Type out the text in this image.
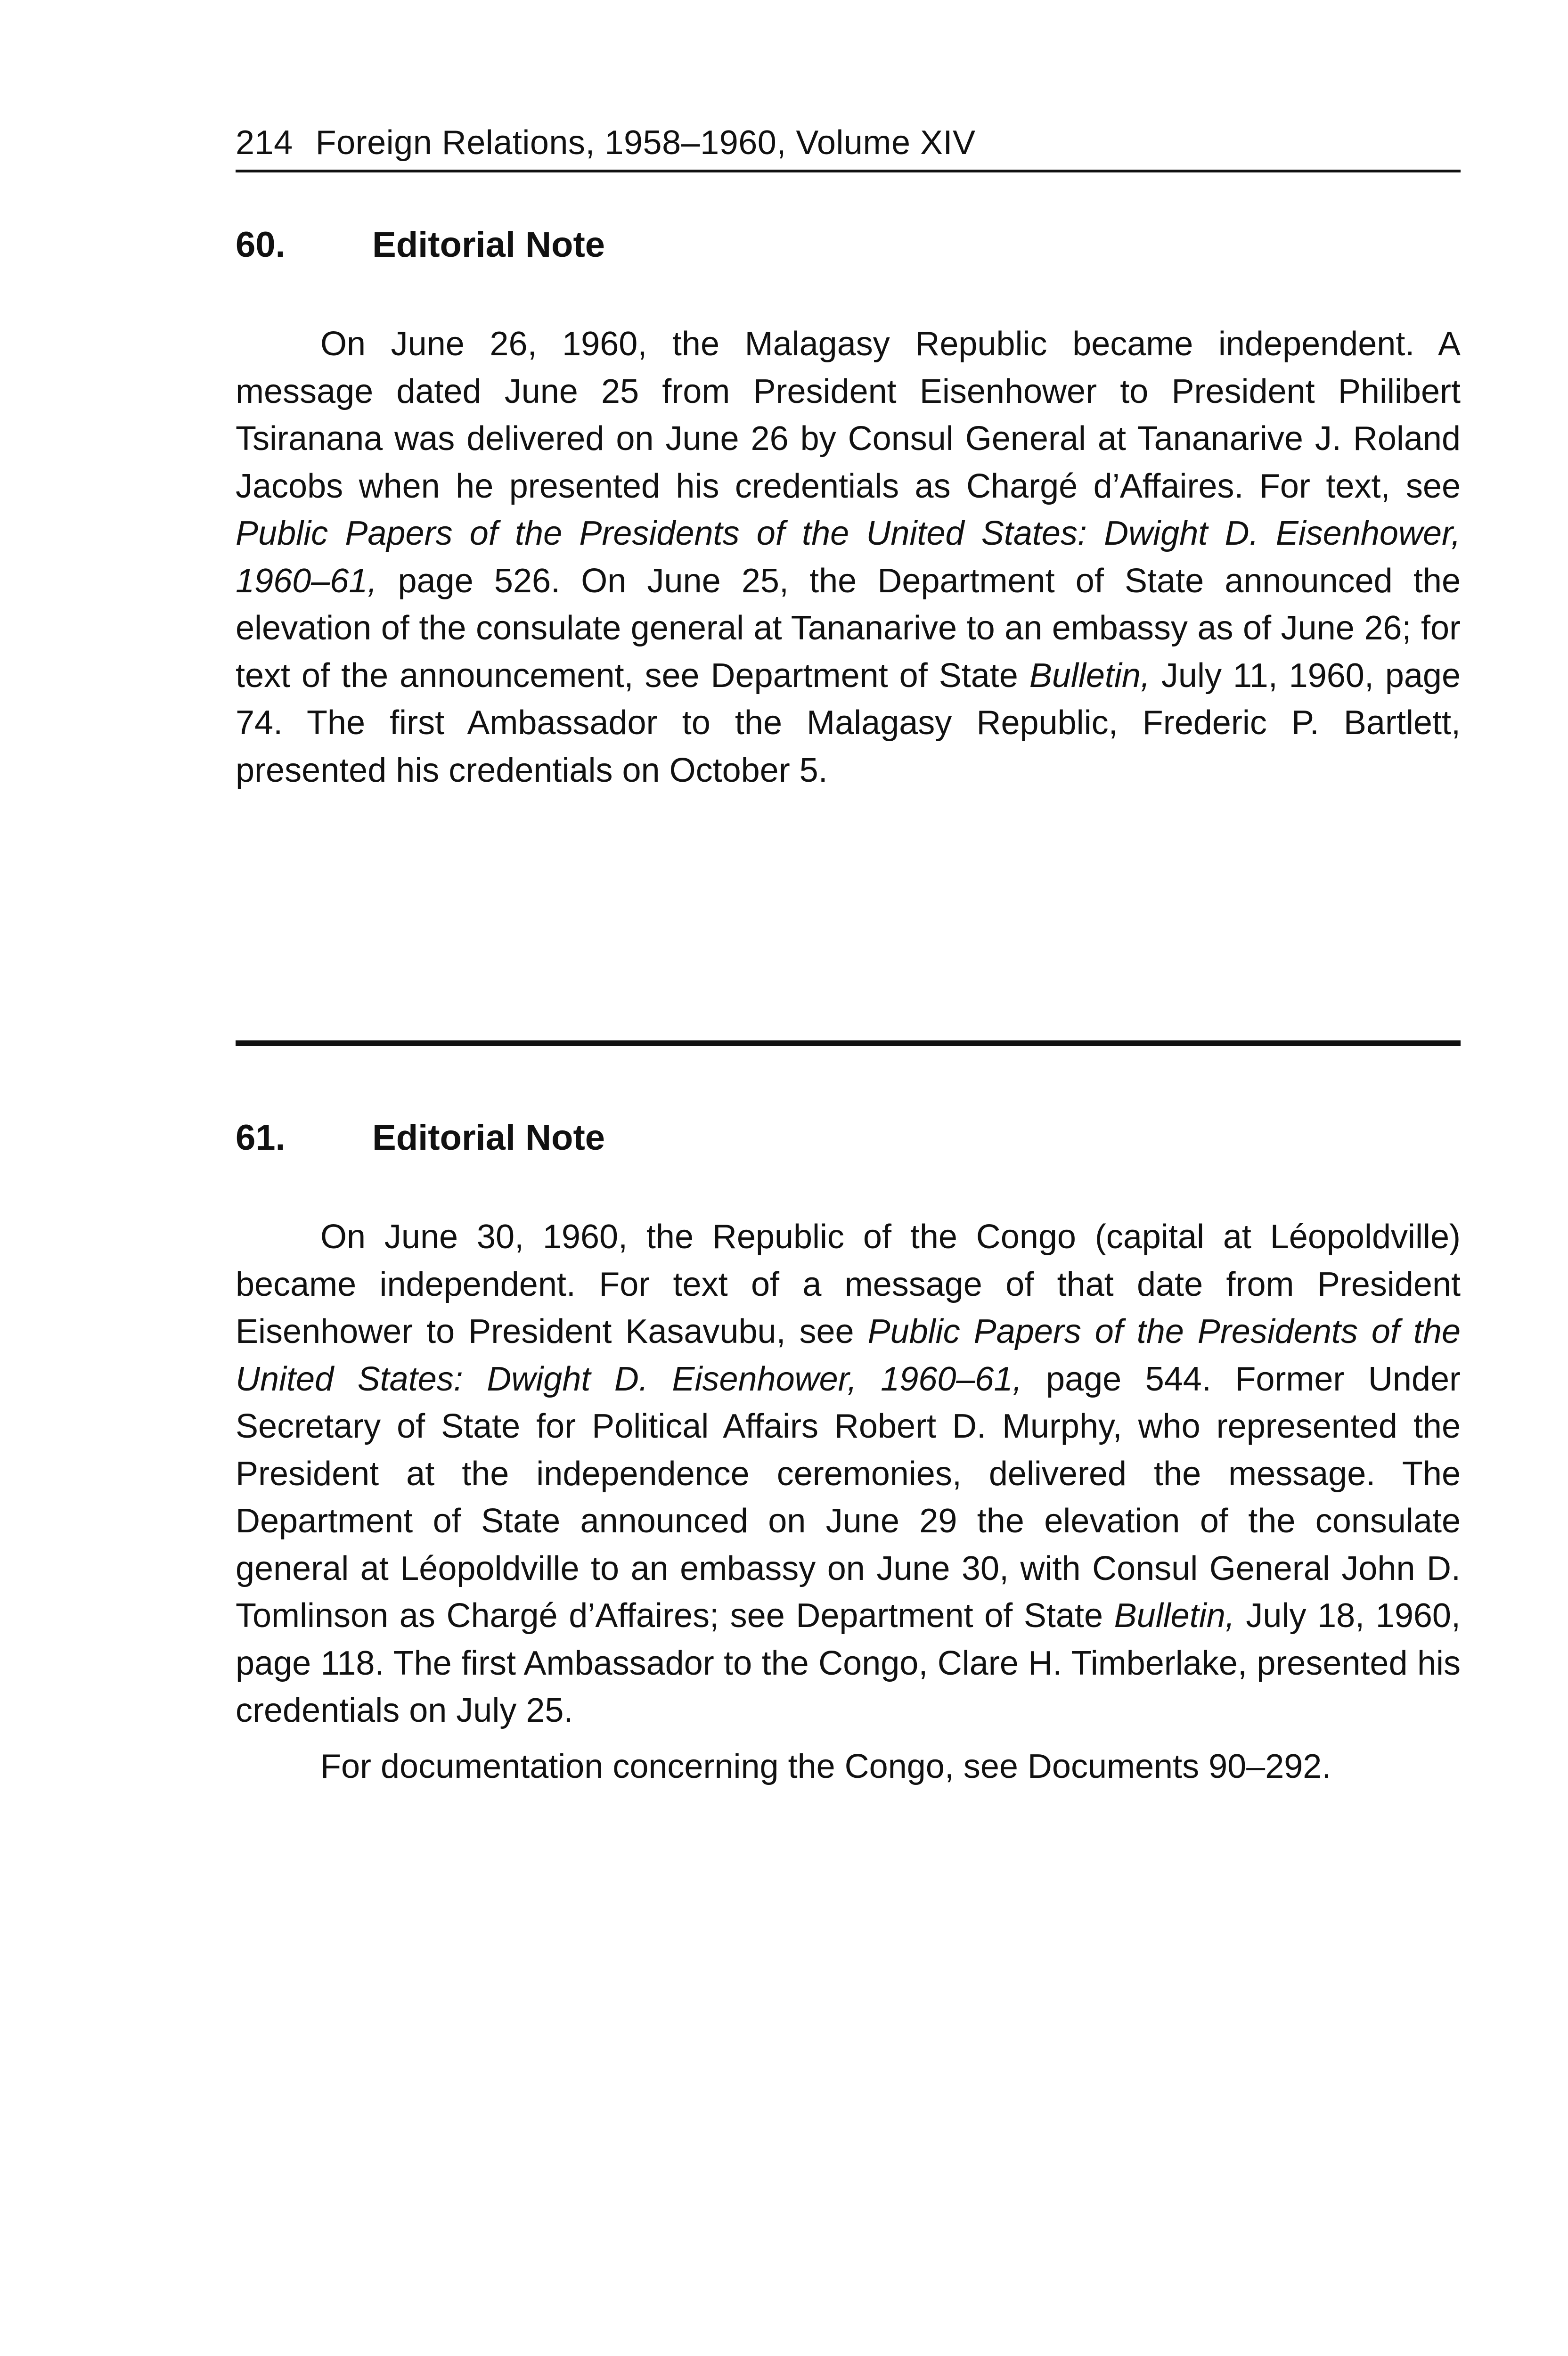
214 Foreign Relations, 1958–1960, Volume XIV
60. Editorial Note

On June 26, 1960, the Malagasy Republic became independent. A message dated June 25 from President Eisenhower to President Philibert Tsiranana was delivered on June 26 by Consul General at Tananarive J. Roland Jacobs when he presented his credentials as Chargé d’Affaires. For text, see Public Papers of the Presidents of the United States: Dwight D. Eisenhower, 1960–61, page 526. On June 25, the Department of State announced the elevation of the consulate general at Tananarive to an embassy as of June 26; for text of the announcement, see Department of State Bulletin, July 11, 1960, page 74. The first Ambassador to the Malagasy Republic, Frederic P. Bartlett, presented his credentials on October 5.

61. Editorial Note

On June 30, 1960, the Republic of the Congo (capital at Léopoldville) became independent. For text of a message of that date from President Eisenhower to President Kasavubu, see Public Papers of the Presidents of the United States: Dwight D. Eisenhower, 1960–61, page 544. Former Under Secretary of State for Political Affairs Robert D. Murphy, who represented the President at the independence ceremonies, delivered the message. The Department of State announced on June 29 the elevation of the consulate general at Léopoldville to an embassy on June 30, with Consul General John D. Tomlinson as Chargé d’Affaires; see Department of State Bulletin, July 18, 1960, page 118. The first Ambassador to the Congo, Clare H. Timberlake, presented his credentials on July 25.

For documentation concerning the Congo, see Documents 90–292.
